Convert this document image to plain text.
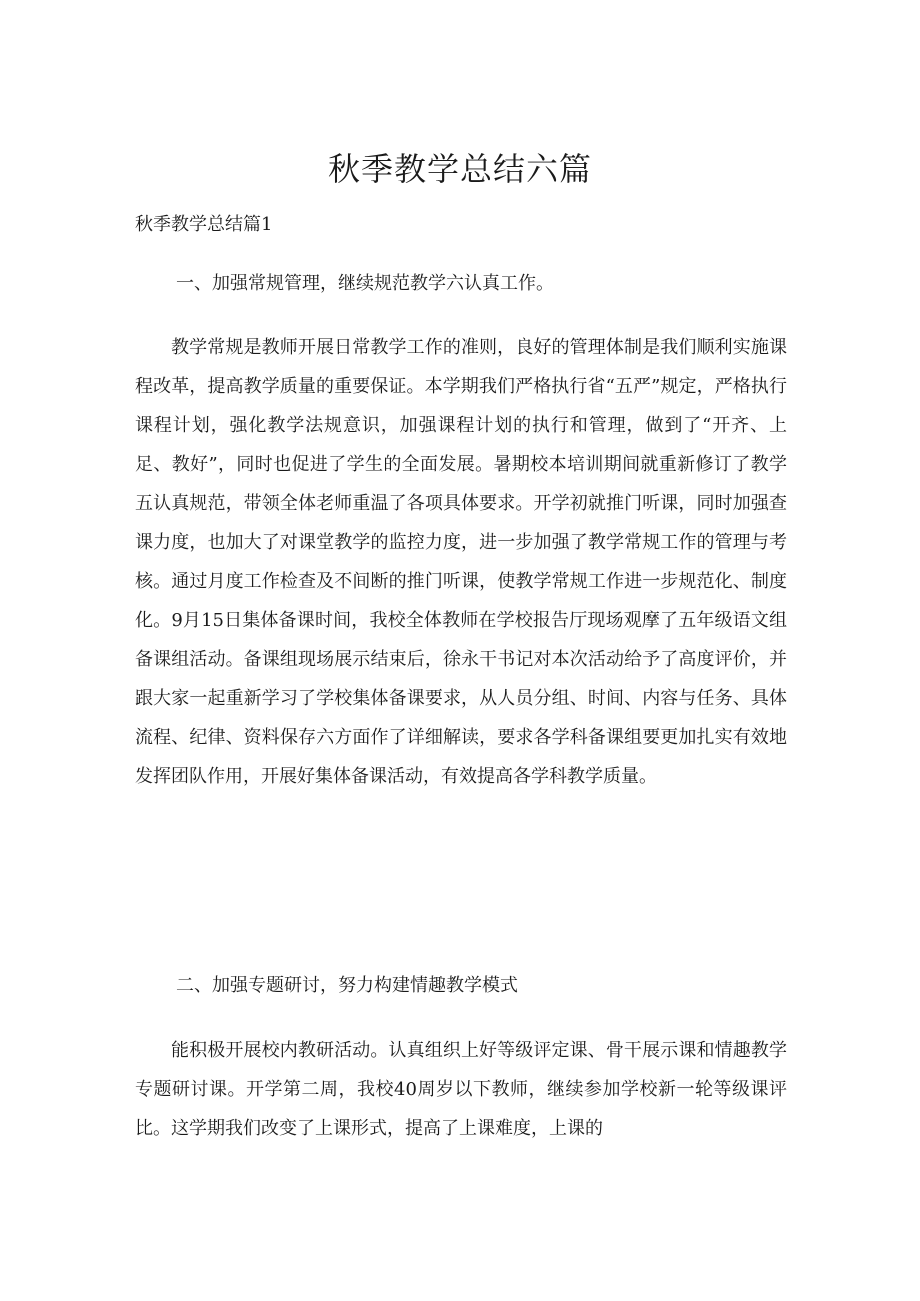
秋季教学总结六篇

秋季教学总结篇1

一、加强常规管理，继续规范教学六认真工作。

教学常规是教师开展日常教学工作的准则，良好的管理体制是我们顺利实施课程改革，提高教学质量的重要保证。本学期我们严格执行省“五严”规定，严格执行课程计划，强化教学法规意识，加强课程计划的执行和管理，做到了“开齐、上足、教好”，同时也促进了学生的全面发展。暑期校本培训期间就重新修订了教学五认真规范，带领全体老师重温了各项具体要求。开学初就推门听课，同时加强查课力度，也加大了对课堂教学的监控力度，进一步加强了教学常规工作的管理与考核。通过月度工作检查及不间断的推门听课，使教学常规工作进一步规范化、制度化。9月15日集体备课时间，我校全体教师在学校报告厅现场观摩了五年级语文组备课组活动。备课组现场展示结束后，徐永干书记对本次活动给予了高度评价，并跟大家一起重新学习了学校集体备课要求，从人员分组、时间、内容与任务、具体流程、纪律、资料保存六方面作了详细解读，要求各学科备课组要更加扎实有效地发挥团队作用，开展好集体备课活动，有效提高各学科教学质量。

二、加强专题研讨，努力构建情趣教学模式

能积极开展校内教研活动。认真组织上好等级评定课、骨干展示课和情趣教学专题研讨课。开学第二周，我校40周岁以下教师，继续参加学校新一轮等级课评比。这学期我们改变了上课形式，提高了上课难度，上课的
